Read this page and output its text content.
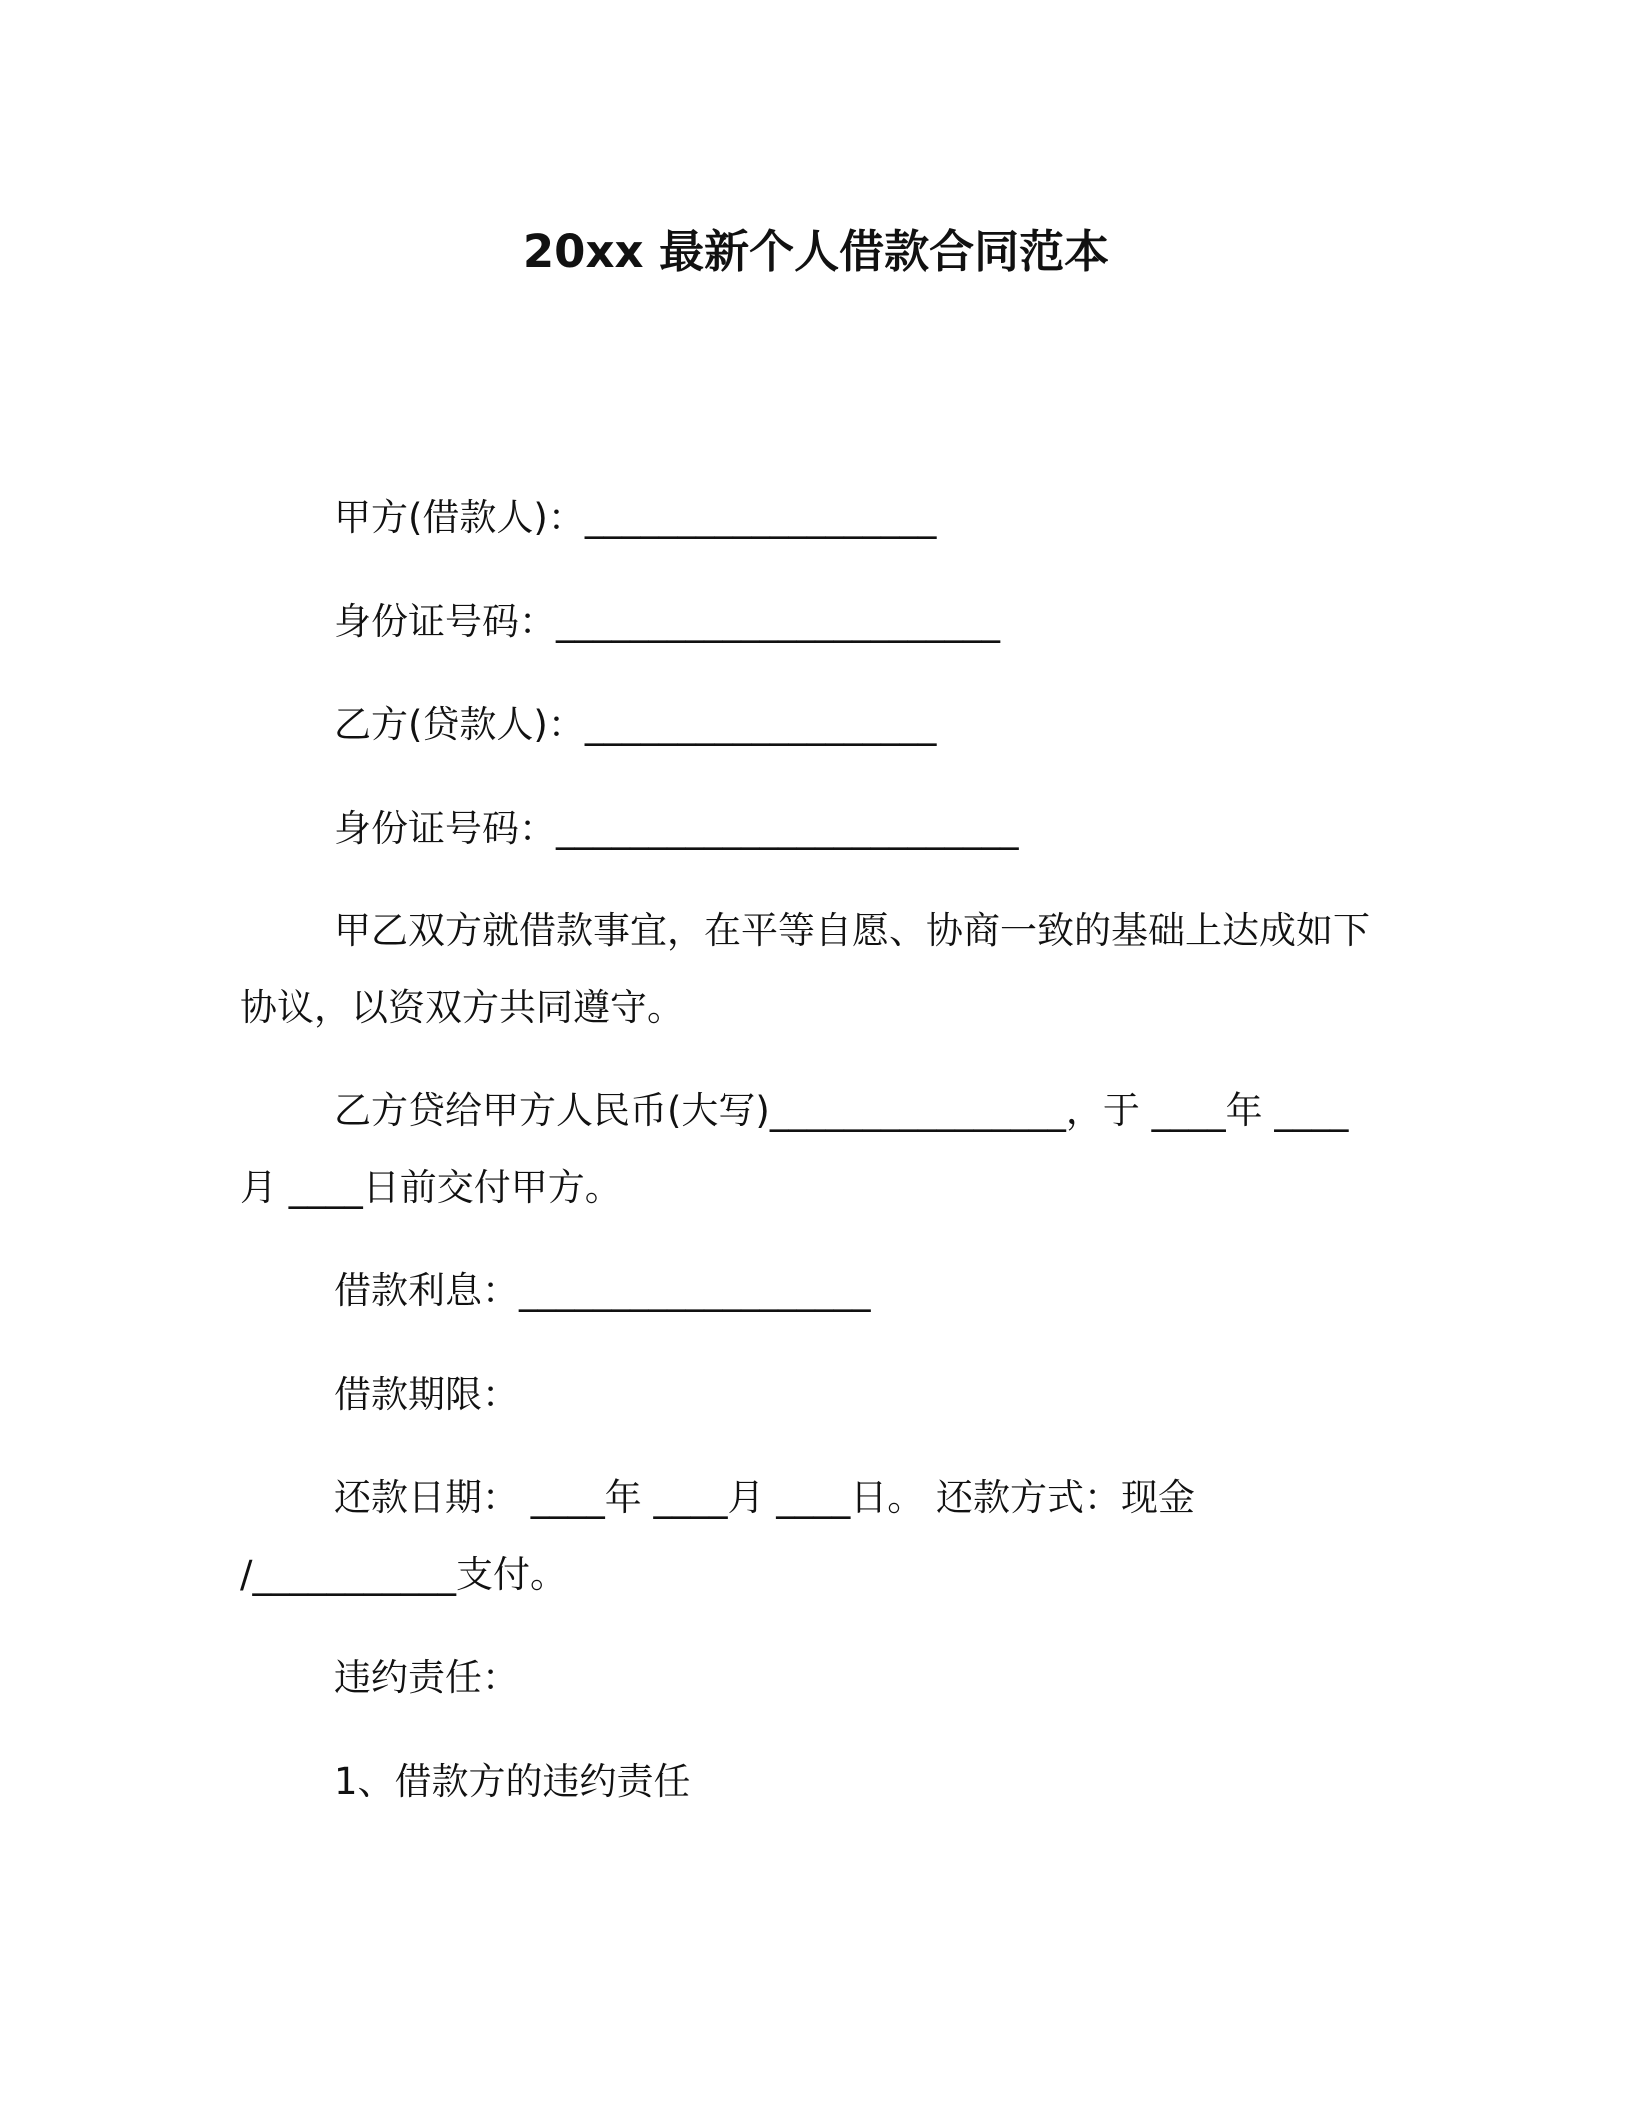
20xx 最新个人借款合同范本
甲方(借款人)：___________________
身份证号码：________________________
乙方(贷款人)：___________________
身份证号码：_________________________
甲乙双方就借款事宜，在平等自愿、协商一致的基础上达成如下
协议，以资双方共同遵守。
乙方贷给甲方人民币(大写)________________，于 ____年 ____
月 ____日前交付甲方。
借款利息：___________________
借款期限：
还款日期： ____年 ____月 ____日。 还款方式：现金
/___________支付。
违约责任：
1、借款方的违约责任
